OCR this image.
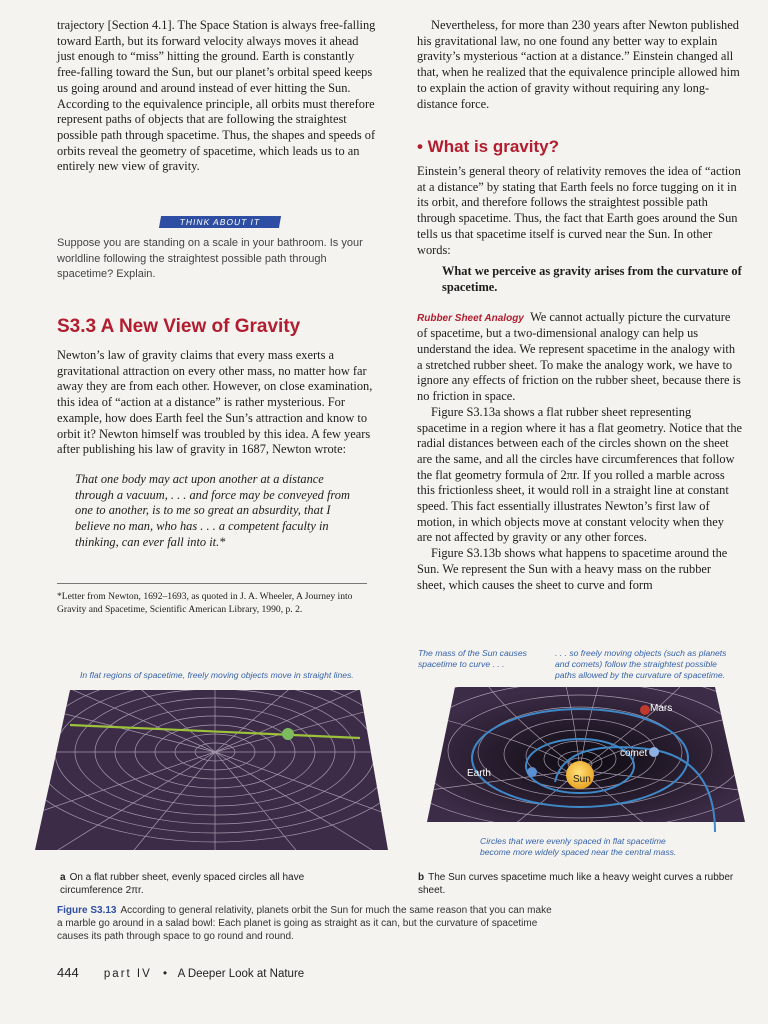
trajectory [Section 4.1]. The Space Station is always free-falling toward Earth, but its forward velocity always moves it ahead just enough to “miss” hitting the ground. Earth is constantly free-falling toward the Sun, but our planet’s orbital speed keeps us going around and around instead of ever hitting the Sun. According to the equivalence principle, all orbits must therefore represent paths of objects that are following the straightest possible path through spacetime. Thus, the shapes and speeds of orbits reveal the geometry of spacetime, which leads us to an entirely new view of gravity.

THINK ABOUT IT
Suppose you are standing on a scale in your bathroom. Is your worldline following the straightest possible path through spacetime? Explain.
S3.3 A New View of Gravity

Newton’s law of gravity claims that every mass exerts a gravitational attraction on every other mass, no matter how far away they are from each other. However, on close examination, this idea of “action at a distance” is rather mysterious. For example, how does Earth feel the Sun’s attraction and know to orbit it? Newton himself was troubled by this idea. A few years after publishing his law of gravity in 1687, Newton wrote:

That one body may act upon another at a distance through a vacuum, . . . and force may be conveyed from one to another, is to me so great an absurdity, that I believe no man, who has . . . a competent faculty in thinking, can ever fall into it.*

*Letter from Newton, 1692–1693, as quoted in J. A. Wheeler, A Journey into Gravity and Spacetime, Scientific American Library, 1990, p. 2.

Nevertheless, for more than 230 years after Newton published his gravitational law, no one found any better way to explain gravity’s mysterious “action at a distance.” Einstein changed all that, when he realized that the equivalence principle allowed him to explain the action of gravity without requiring any long-distance force.

• What is gravity?

Einstein’s general theory of relativity removes the idea of “action at a distance” by stating that Earth feels no force tugging on it in its orbit, and therefore follows the straightest possible path through spacetime. Thus, the fact that Earth goes around the Sun tells us that spacetime itself is curved near the Sun. In other words:

What we perceive as gravity arises from the curvature of spacetime.

Rubber Sheet Analogy We cannot actually picture the curvature of spacetime, but a two-dimensional analogy can help us understand the idea. We represent spacetime in the analogy with a stretched rubber sheet. To make the analogy work, we have to ignore any effects of friction on the rubber sheet, because there is no friction in space.

Figure S3.13a shows a flat rubber sheet representing spacetime in a region where it has a flat geometry. Notice that the radial distances between each of the circles shown on the sheet are the same, and all the circles have circumferences that follow the flat geometry formula of 2πr. If you rolled a marble across this frictionless sheet, it would roll in a straight line at constant speed. This fact essentially illustrates Newton’s first law of motion, in which objects move at constant velocity when they are not affected by gravity or any other forces.

Figure S3.13b shows what happens to spacetime around the Sun. We represent the Sun with a heavy mass on the rubber sheet, which causes the sheet to curve and form

In flat regions of spacetime, freely moving objects move in straight lines.
The mass of the Sun causes spacetime to curve . . .
. . . so freely moving objects (such as planets and comets) follow the straightest possible paths allowed by the curvature of spacetime.
Mars
comet
Earth
Sun
Circles that were evenly spaced in flat spacetime become more widely spaced near the central mass.
a On a flat rubber sheet, evenly spaced circles all have circumference 2πr.
b The Sun curves spacetime much like a heavy weight curves a rubber sheet.
Figure S3.13 According to general relativity, planets orbit the Sun for much the same reason that you can make a marble go around in a salad bowl: Each planet is going as straight as it can, but the curvature of spacetime causes its path through space to go round and round.
444 part IV • A Deeper Look at Nature
